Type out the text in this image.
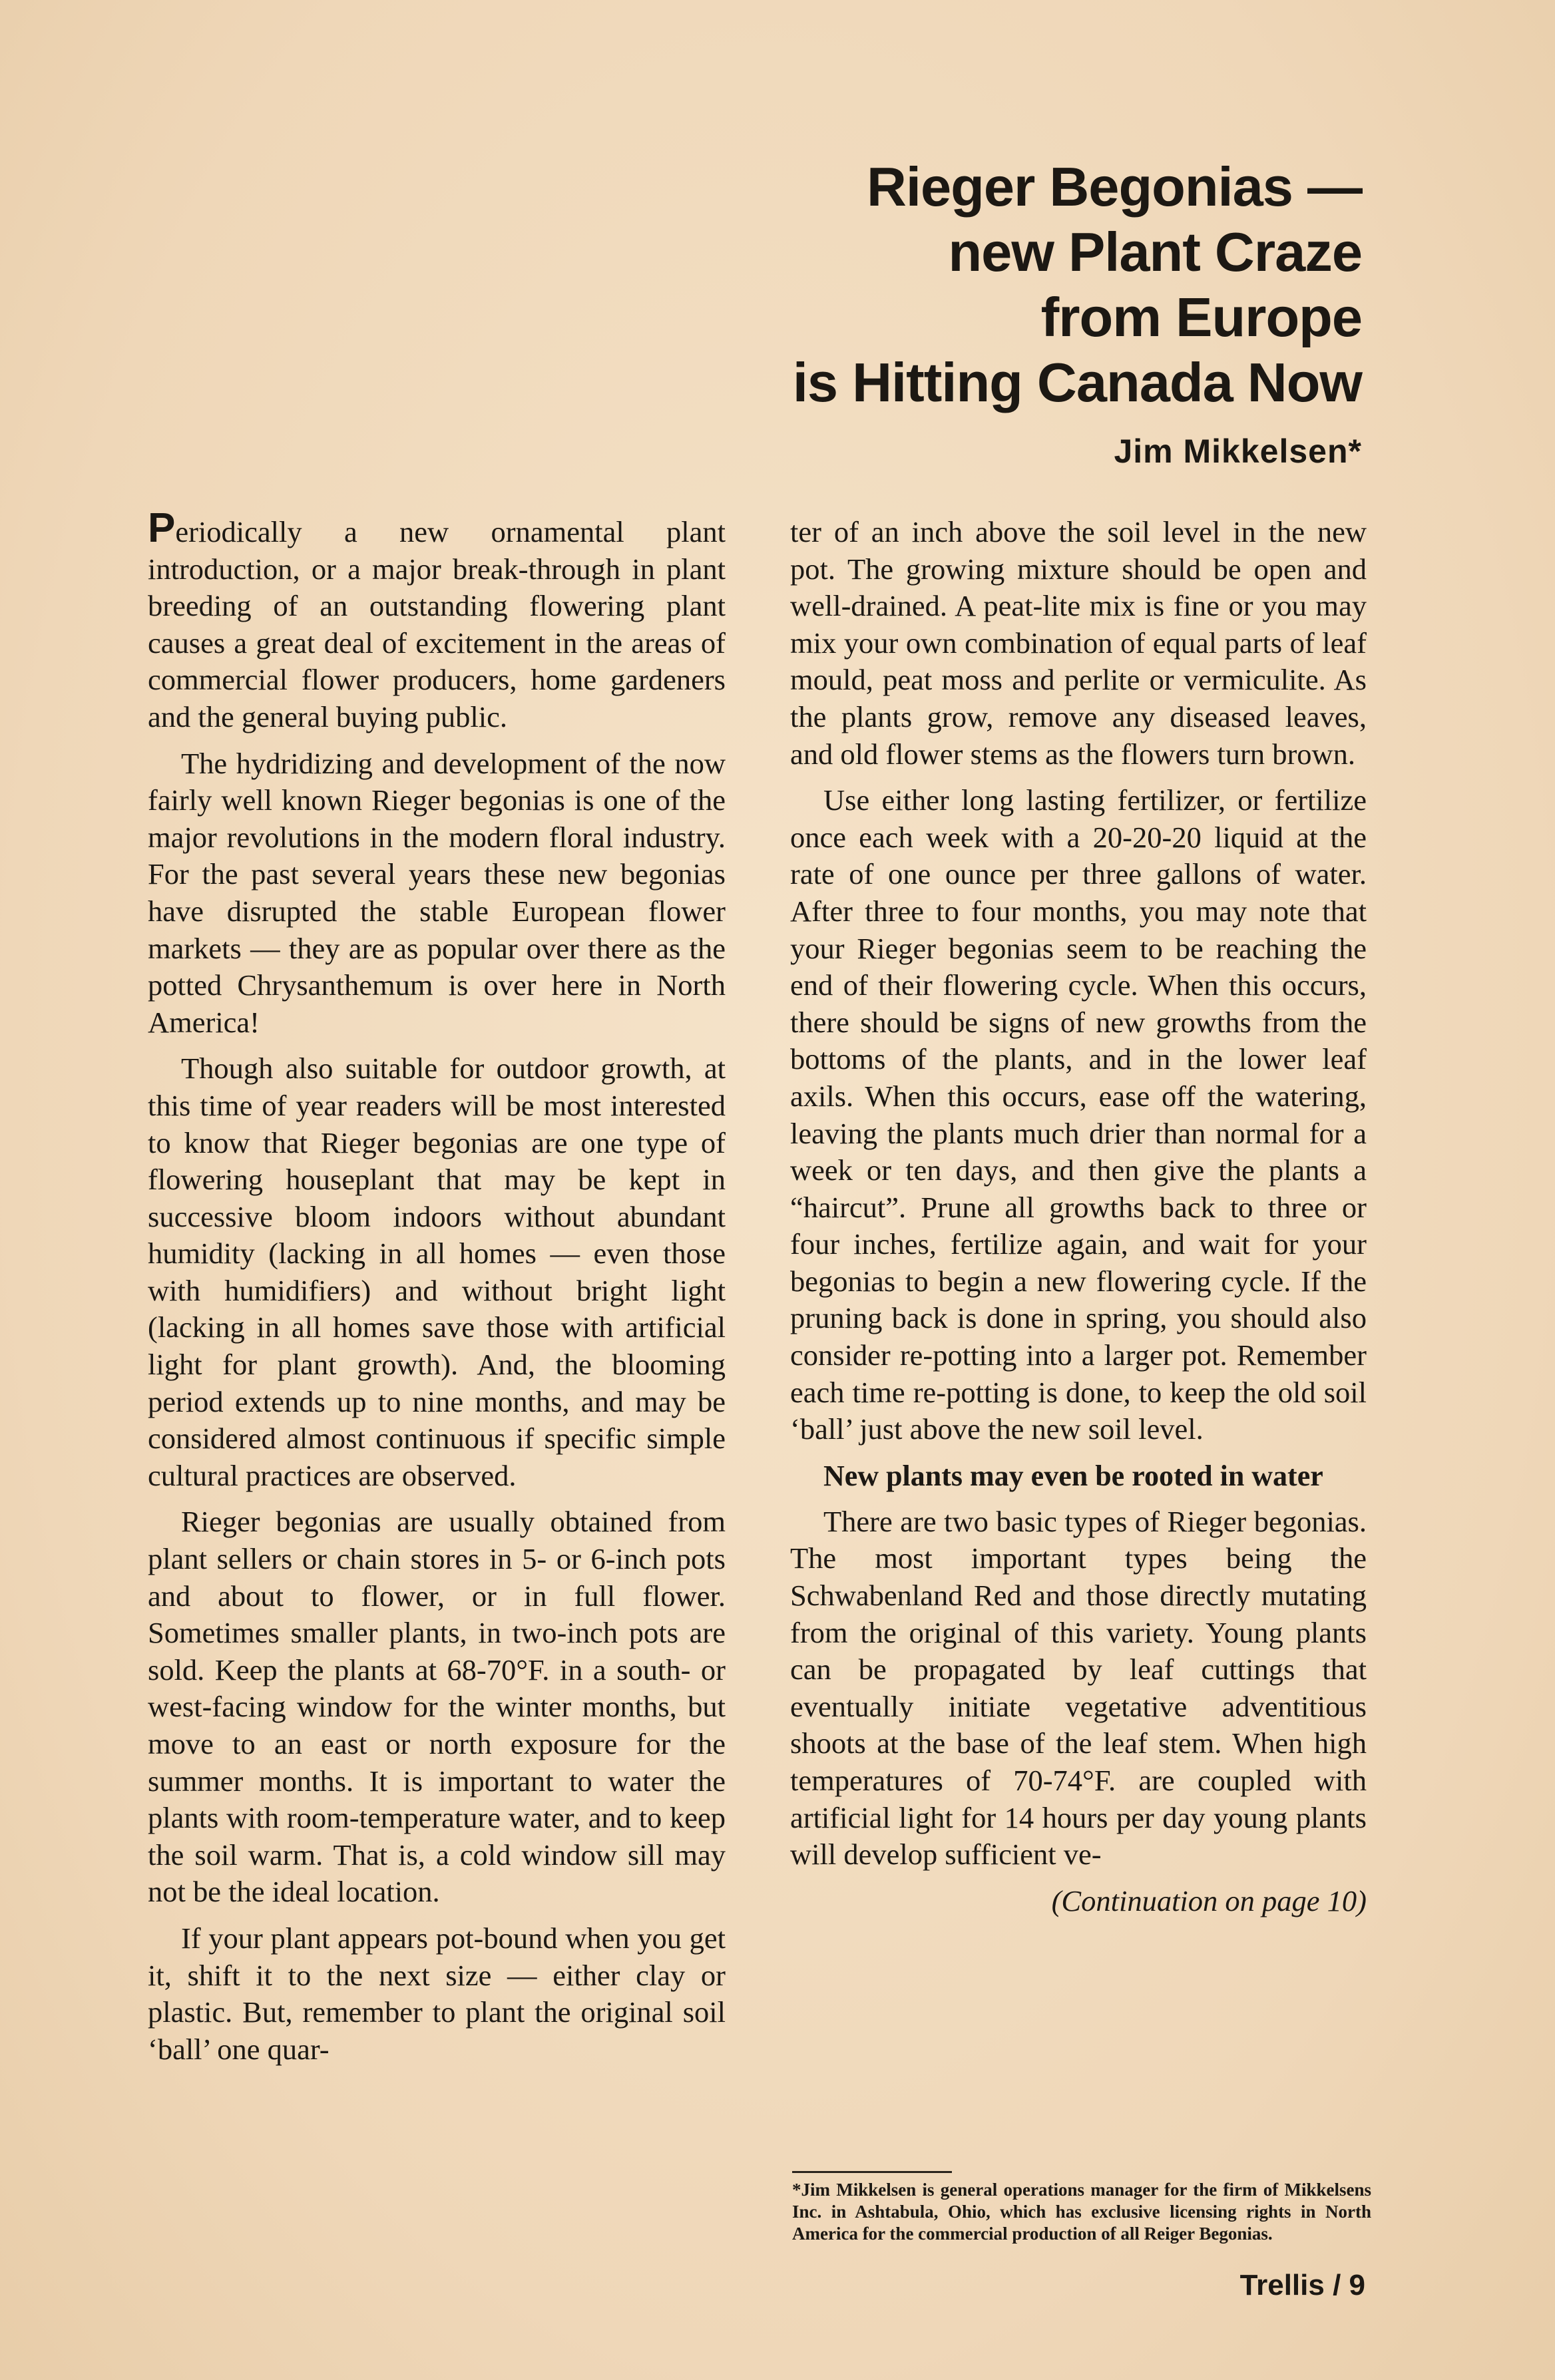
Rieger Begonias —
new Plant Craze
from Europe
is Hitting Canada Now
Jim Mikkelsen*

Periodically a new ornamental plant introduction, or a major break-through in plant breeding of an outstanding flowering plant causes a great deal of excitement in the areas of commercial flower producers, home gardeners and the general buying public.

The hydridizing and development of the now fairly well known Rieger begonias is one of the major revolutions in the modern floral industry. For the past several years these new begonias have disrupted the stable European flower markets — they are as popular over there as the potted Chrysanthemum is over here in North America!

Though also suitable for outdoor growth, at this time of year readers will be most interested to know that Rieger begonias are one type of flowering houseplant that may be kept in successive bloom indoors without abundant humidity (lacking in all homes — even those with humidifiers) and without bright light (lacking in all homes save those with artificial light for plant growth). And, the blooming period extends up to nine months, and may be considered almost continuous if specific simple cultural practices are observed.

Rieger begonias are usually obtained from plant sellers or chain stores in 5- or 6-inch pots and about to flower, or in full flower. Sometimes smaller plants, in two-inch pots are sold. Keep the plants at 68-70°F. in a south- or west-facing window for the winter months, but move to an east or north exposure for the summer months. It is important to water the plants with room-temperature water, and to keep the soil warm. That is, a cold window sill may not be the ideal location.

If your plant appears pot-bound when you get it, shift it to the next size — either clay or plastic. But, remember to plant the original soil ‘ball’ one quar-

ter of an inch above the soil level in the new pot. The growing mixture should be open and well-drained. A peat-lite mix is fine or you may mix your own combination of equal parts of leaf mould, peat moss and perlite or vermiculite. As the plants grow, remove any diseased leaves, and old flower stems as the flowers turn brown.

Use either long lasting fertilizer, or fertilize once each week with a 20-20-20 liquid at the rate of one ounce per three gallons of water. After three to four months, you may note that your Rieger begonias seem to be reaching the end of their flowering cycle. When this occurs, there should be signs of new growths from the bottoms of the plants, and in the lower leaf axils. When this occurs, ease off the watering, leaving the plants much drier than normal for a week or ten days, and then give the plants a “haircut”. Prune all growths back to three or four inches, fertilize again, and wait for your begonias to begin a new flowering cycle. If the pruning back is done in spring, you should also consider re-potting into a larger pot. Remember each time re-potting is done, to keep the old soil ‘ball’ just above the new soil level.

New plants may even be rooted in water

There are two basic types of Rieger begonias. The most important types being the Schwabenland Red and those directly mutating from the original of this variety. Young plants can be propagated by leaf cuttings that eventually initiate vegetative adventitious shoots at the base of the leaf stem. When high temperatures of 70-74°F. are coupled with artificial light for 14 hours per day young plants will develop sufficient ve-

(Continuation on page 10)

*Jim Mikkelsen is general operations manager for the firm of Mikkelsens Inc. in Ashtabula, Ohio, which has exclusive licensing rights in North America for the commercial production of all Reiger Begonias.

Trellis / 9
